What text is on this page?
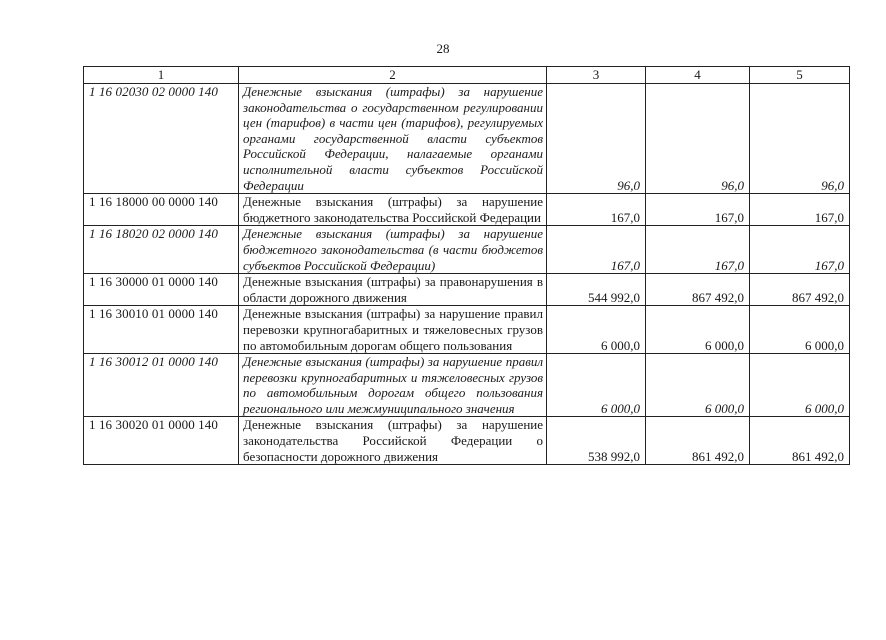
28
1	2	3	4	5
1 16 02030 02 0000 140	Денежные взыскания (штрафы) за нарушение законодательства о государственном регулировании цен (тарифов) в части цен (тарифов), регулируемых органами государственной власти субъектов Российской Федерации, налагаемые органами исполнительной власти субъектов Российской Федерации	96,0	96,0	96,0
1 16 18000 00 0000 140	Денежные взыскания (штрафы) за нарушение бюджетного законодательства Российской Федерации	167,0	167,0	167,0
1 16 18020 02 0000 140	Денежные взыскания (штрафы) за нарушение бюджетного законодательства (в части бюджетов субъектов Российской Федерации)	167,0	167,0	167,0
1 16 30000 01 0000 140	Денежные взыскания (штрафы) за правонарушения в области дорожного движения	544 992,0	867 492,0	867 492,0
1 16 30010 01 0000 140	Денежные взыскания (штрафы) за нарушение правил перевозки крупногабаритных и тяжеловесных грузов по автомобильным дорогам общего пользования	6 000,0	6 000,0	6 000,0
1 16 30012 01 0000 140	Денежные взыскания (штрафы) за нарушение правил перевозки крупногабаритных и тяжеловесных грузов по автомобильным дорогам общего пользования регионального или межмуниципального значения	6 000,0	6 000,0	6 000,0
1 16 30020 01 0000 140	Денежные взыскания (штрафы) за нарушение законодательства Российской Федерации о безопасности дорожного движения	538 992,0	861 492,0	861 492,0
